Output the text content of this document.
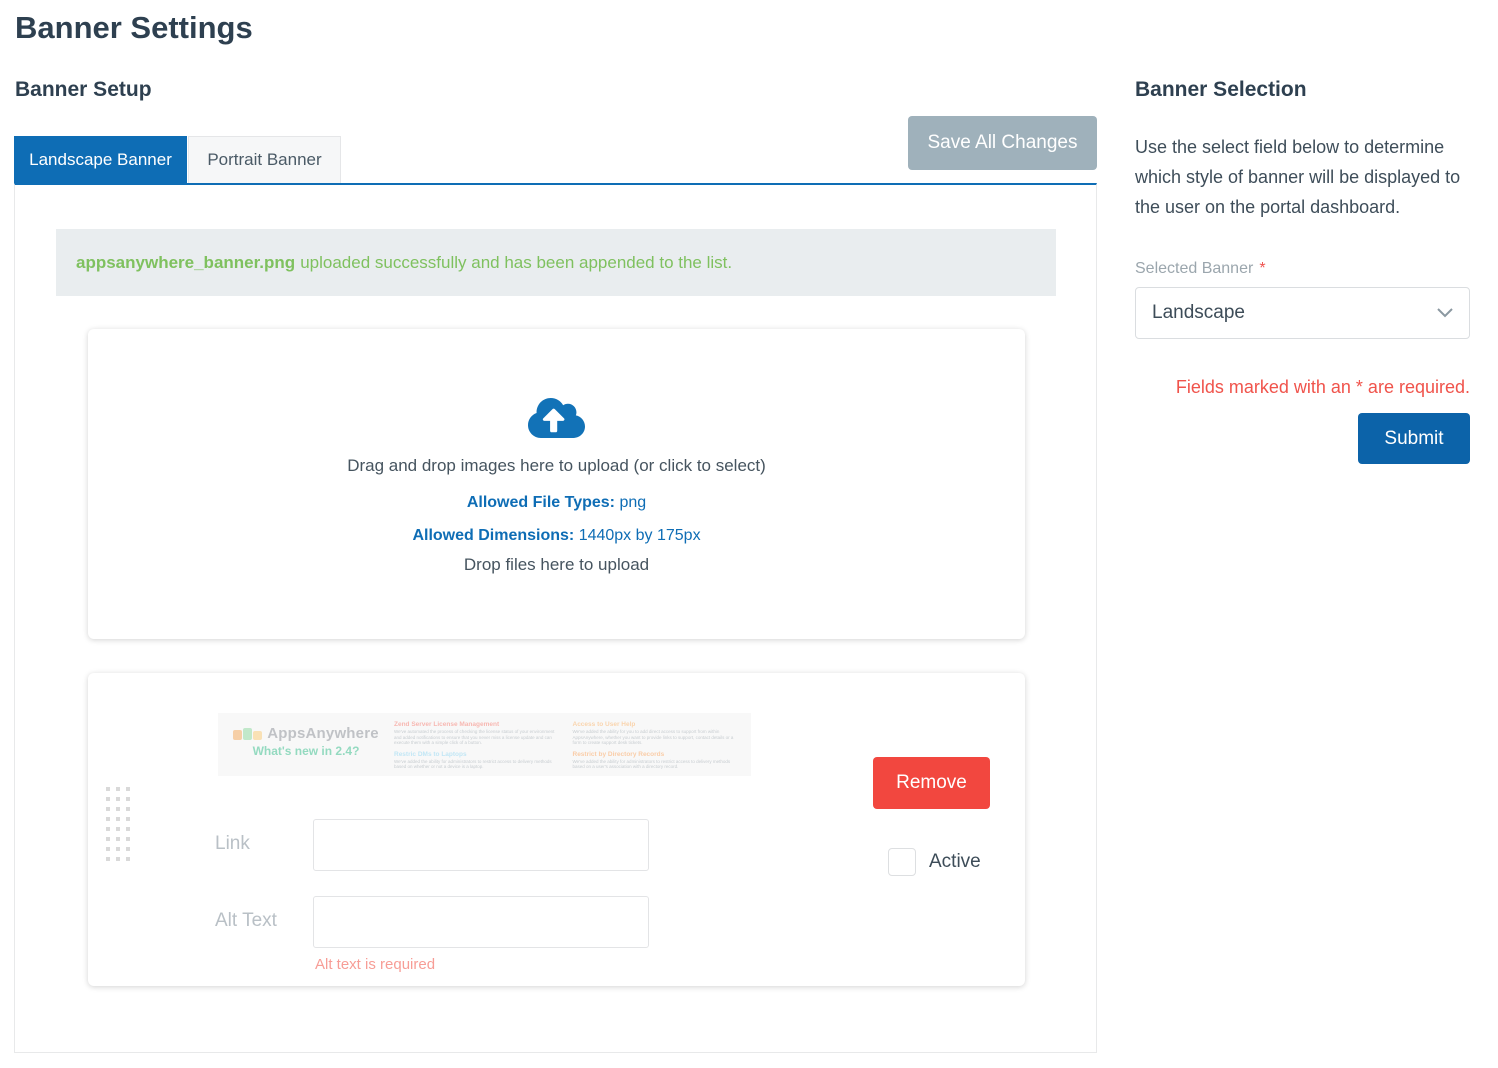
Banner Settings
Banner Setup
Save All Changes
Landscape Banner Portrait Banner
appsanywhere_banner.png uploaded successfully and has been appended to the list.
Drag and drop images here to upload (or click to select)
Allowed File Types: png
Allowed Dimensions: 1440px by 175px
Drop files here to upload
AppsAnywhere
What's new in 2.4?
Zend Server License Management
We've automated the process of checking the license status of your environment and added notifications to ensure that you never miss a license update and can execute them with a simple click of a button.
Restric DMs to Laptops
We've added the ability for administrators to restrict access to delivery methods based on whether or not a device is a laptop.
Access to User Help
We've added the ability for you to add direct access to support from within AppsAnywhere, whether you want to provide links to support, contact details or a form to create support desk tickets.
Restrict by Directory Records
We've added the ability for administrators to restrict access to delivery methods based on a user's association with a directory record.
Remove
Link
Active
Alt Text
Alt text is required
Banner Selection

Use the select field below to determine which style of banner will be displayed to the user on the portal dashboard.

Selected Banner *
Landscape
Fields marked with an * are required.
Submit
